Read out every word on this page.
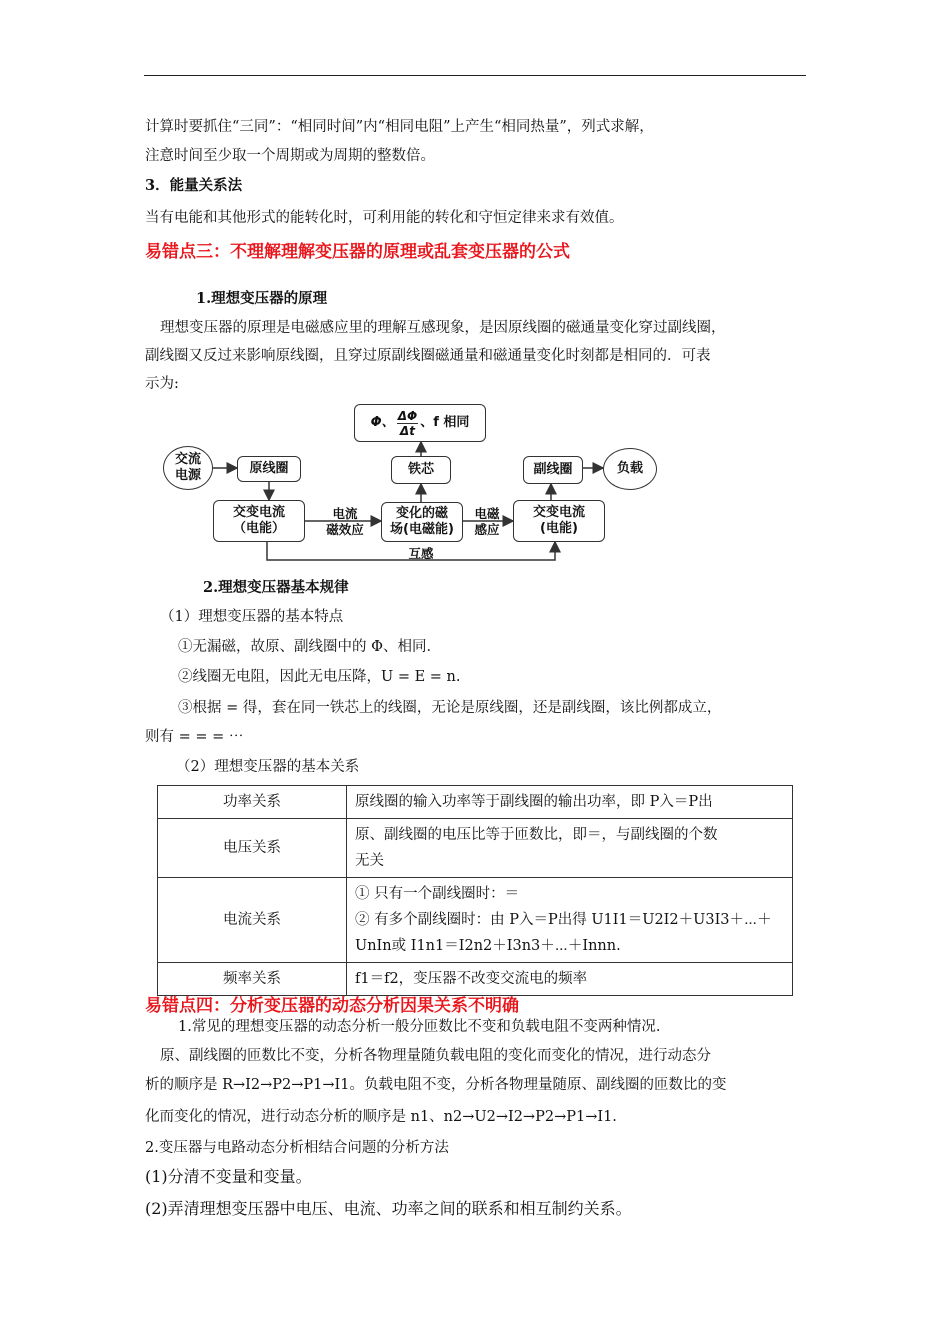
计算时要抓住“三同”：“相同时间”内“相同电阻”上产生“相同热量”，列式求解，
注意时间至少取一个周期或为周期的整数倍。
3．能量关系法
当有电能和其他形式的能转化时，可利用能的转化和守恒定律来求有效值。
易错点三：不理解理解变压器的原理或乱套变压器的公式
1.理想变压器的原理
理想变压器的原理是电磁感应里的理解互感现象，是因原线圈的磁通量变化穿过副线圈，
副线圈又反过来影响原线圈，且穿过原副线圈磁通量和磁通量变化时刻都是相同的．可表
示为:
Φ、 $\frac{\Delta\Phi}{\Delta t}$ 、f 相同
交流
电源	原线圈	铁芯	副线圈	负载
交变电流
（电能）
变化的磁
场(电磁能)
交变电流
(电能)
电流
磁效应
电磁
感应
互感
2.理想变压器基本规律
（1）理想变压器的基本特点
①无漏磁，故原、副线圈中的 Φ、相同．
②线圈无电阻，因此无电压降，U = E = n.
③根据 = 得，套在同一铁芯上的线圈，无论是原线圈，还是副线圈，该比例都成立，
则有 = = = ⋯
（2）理想变压器的基本关系
功率关系	原线圈的输入功率等于副线圈的输出功率，即 P入＝P出

电压关系	原、副线圈的电压比等于匝数比，即＝，与副线圈的个数
无关

电流关系	① 只有一个副线圈时：＝
② 有多个副线圈时：由 P入＝P出得 U1I1＝U2I2＋U3I3＋⋯＋
UnIn或 I1n1＝I2n2＋I3n3＋⋯＋Innn.

频率关系	f1＝f2，变压器不改变交流电的频率
易错点四：分析变压器的动态分析因果关系不明确
1.常见的理想变压器的动态分析一般分匝数比不变和负载电阻不变两种情况.
原、副线圈的匝数比不变，分析各物理量随负载电阻的变化而变化的情况，进行动态分
析的顺序是 R→I2→P2→P1→I1。负载电阻不变，分析各物理量随原、副线圈的匝数比的变
化而变化的情况，进行动态分析的顺序是 n1、n2→U2→I2→P2→P1→I1.
2.变压器与电路动态分析相结合问题的分析方法
(1)分清不变量和变量。
(2)弄清理想变压器中电压、电流、功率之间的联系和相互制约关系。
